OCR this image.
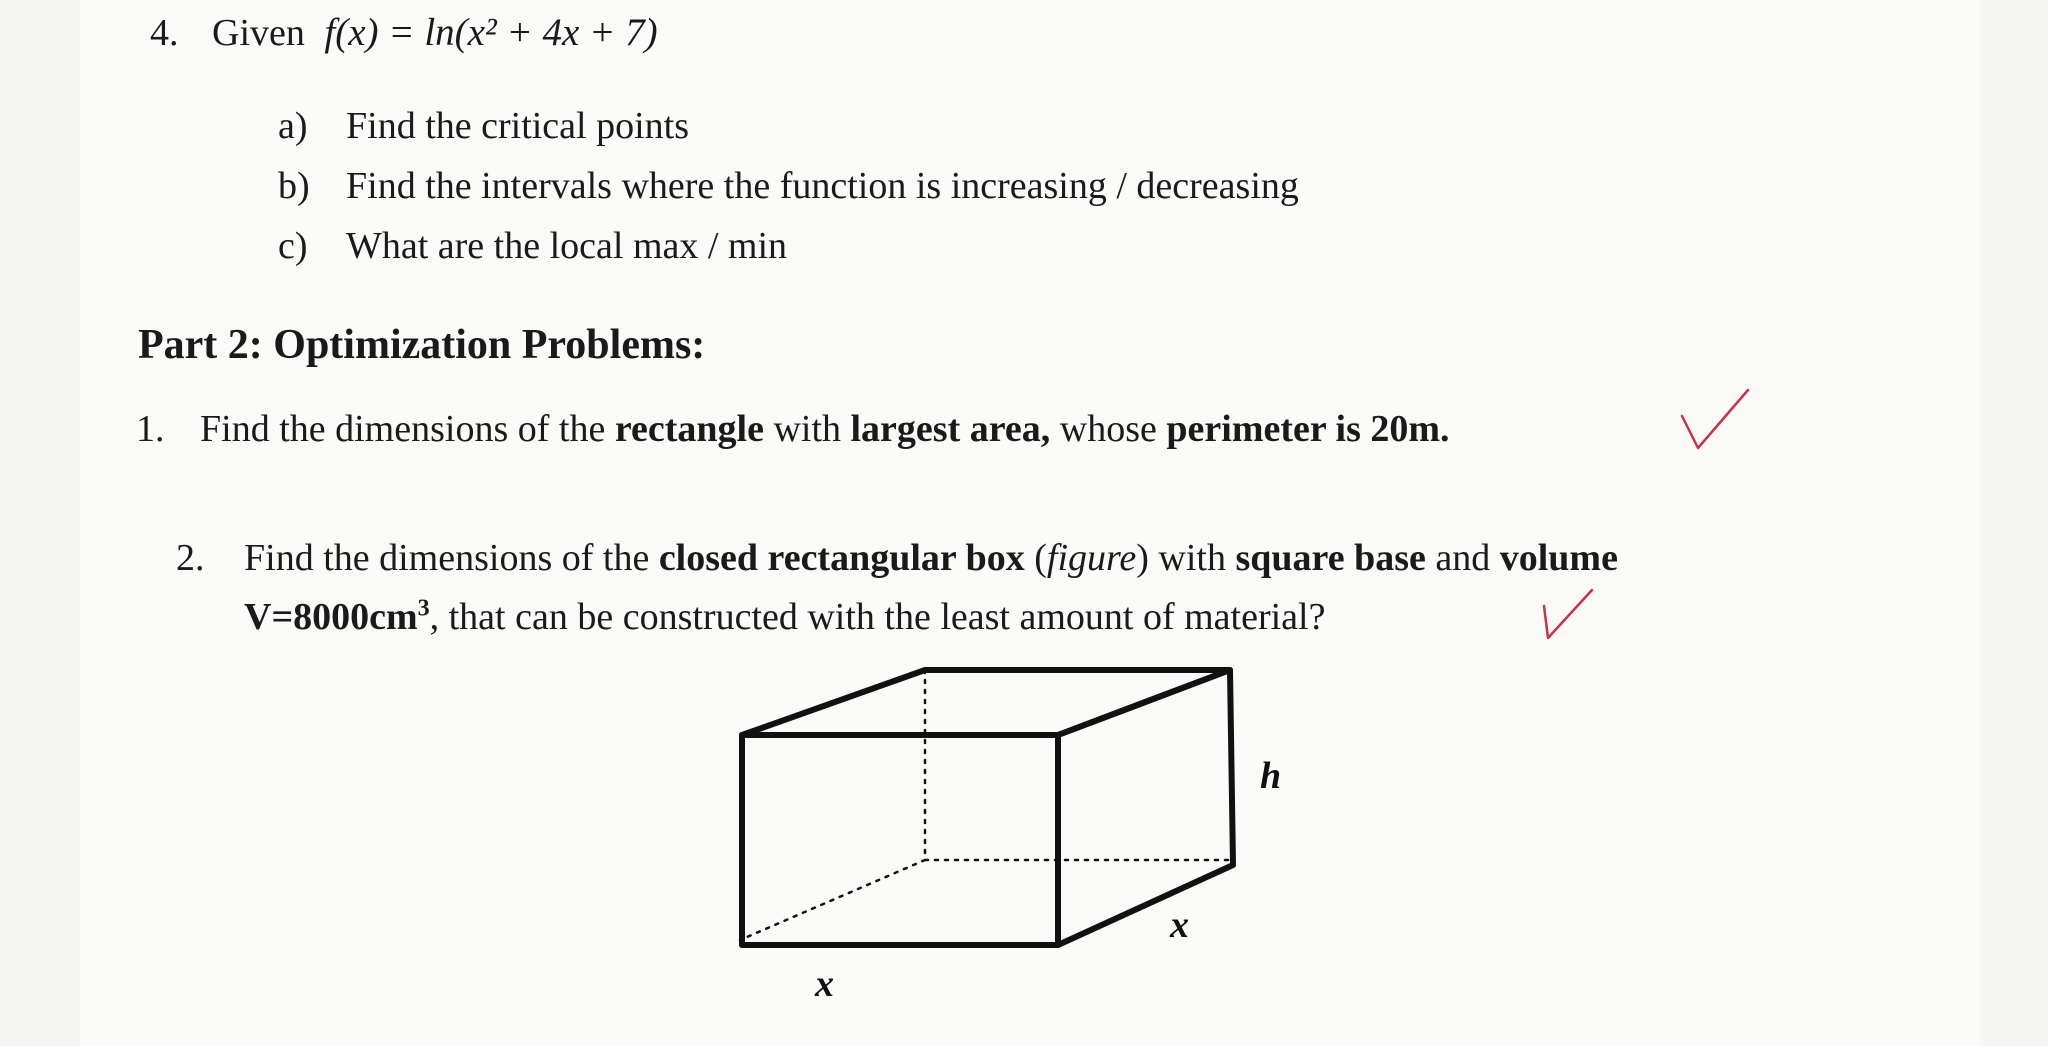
4. Given f(x) = ln(x² + 4x + 7)
a) Find the critical points
b) Find the intervals where the function is increasing / decreasing
c) What are the local max / min
Part 2: Optimization Problems:
1. Find the dimensions of the rectangle with largest area, whose perimeter is 20m.
2. Find the dimensions of the closed rectangular box (figure) with square base and volume
$V=8000cm^3$, that can be constructed with the least amount of material?
h
x
x
